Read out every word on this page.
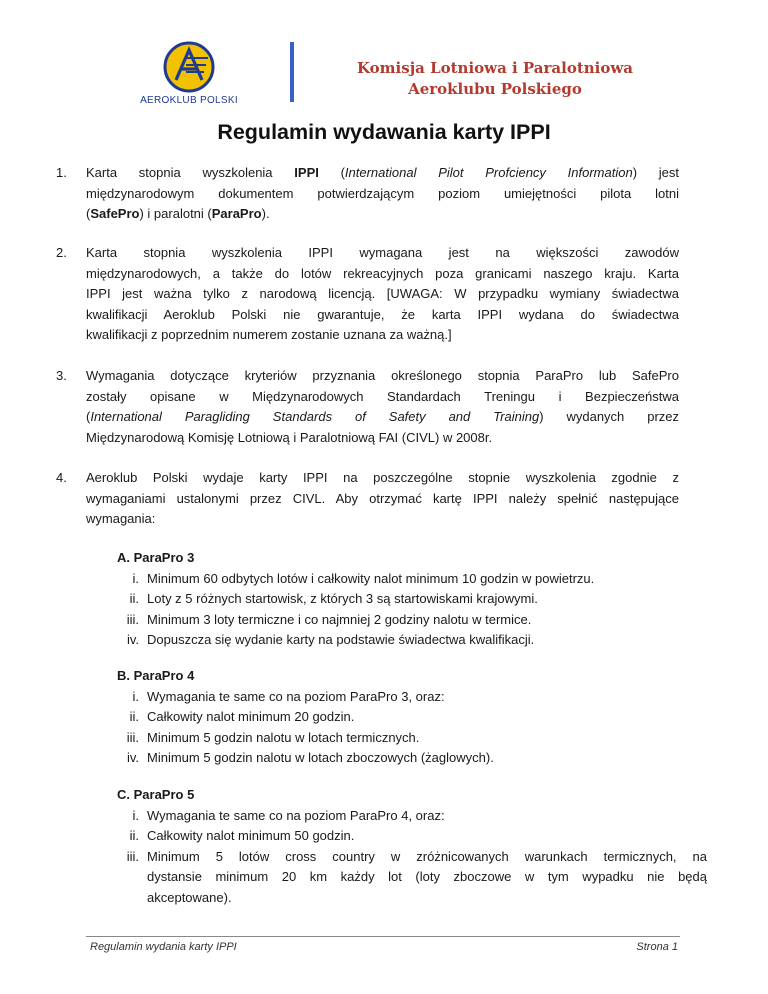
AEROKLUB POLSKI
Komisja Lotniowa i Paralotniowa
Aeroklubu Polskiego
Regulamin wydawania karty IPPI
1. Karta stopnia wyszkolenia IPPI (International Pilot Profciency Information) jest
międzynarodowym dokumentem potwierdzającym poziom umiejętności pilota lotni
(SafePro) i paralotni (ParaPro).
2. Karta stopnia wyszkolenia IPPI wymagana jest na większości zawodów
międzynarodowych, a także do lotów rekreacyjnych poza granicami naszego kraju. Karta
IPPI jest ważna tylko z narodową licencją. [UWAGA: W przypadku wymiany świadectwa
kwalifikacji Aeroklub Polski nie gwarantuje, że karta IPPI wydana do świadectwa
kwalifikacji z poprzednim numerem zostanie uznana za ważną.]
3. Wymagania dotyczące kryteriów przyznania określonego stopnia ParaPro lub SafePro
zostały opisane w Międzynarodowych Standardach Treningu i Bezpieczeństwa
(International Paragliding Standards of Safety and Training) wydanych przez
Międzynarodową Komisję Lotniową i Paralotniową FAI (CIVL) w 2008r.
4. Aeroklub Polski wydaje karty IPPI na poszczególne stopnie wyszkolenia zgodnie z
wymaganiami ustalonymi przez CIVL. Aby otrzymać kartę IPPI należy spełnić następujące
wymagania:
A. ParaPro 3
i. Minimum 60 odbytych lotów i całkowity nalot minimum 10 godzin w powietrzu.
ii. Loty z 5 różnych startowisk, z których 3 są startowiskami krajowymi.
iii. Minimum 3 loty termiczne i co najmniej 2 godziny nalotu w termice.
iv. Dopuszcza się wydanie karty na podstawie świadectwa kwalifikacji.
B. ParaPro 4
i. Wymagania te same co na poziom ParaPro 3, oraz:
ii. Całkowity nalot minimum 20 godzin.
iii. Minimum 5 godzin nalotu w lotach termicznych.
iv. Minimum 5 godzin nalotu w lotach zboczowych (żaglowych).
C. ParaPro 5
i. Wymagania te same co na poziom ParaPro 4, oraz:
ii. Całkowity nalot minimum 50 godzin.
iii. Minimum 5 lotów cross country w zróżnicowanych warunkach termicznych, na
dystansie minimum 20 km każdy lot (loty zboczowe w tym wypadku nie będą
akceptowane).
Regulamin wydania karty IPPI	Strona 1
